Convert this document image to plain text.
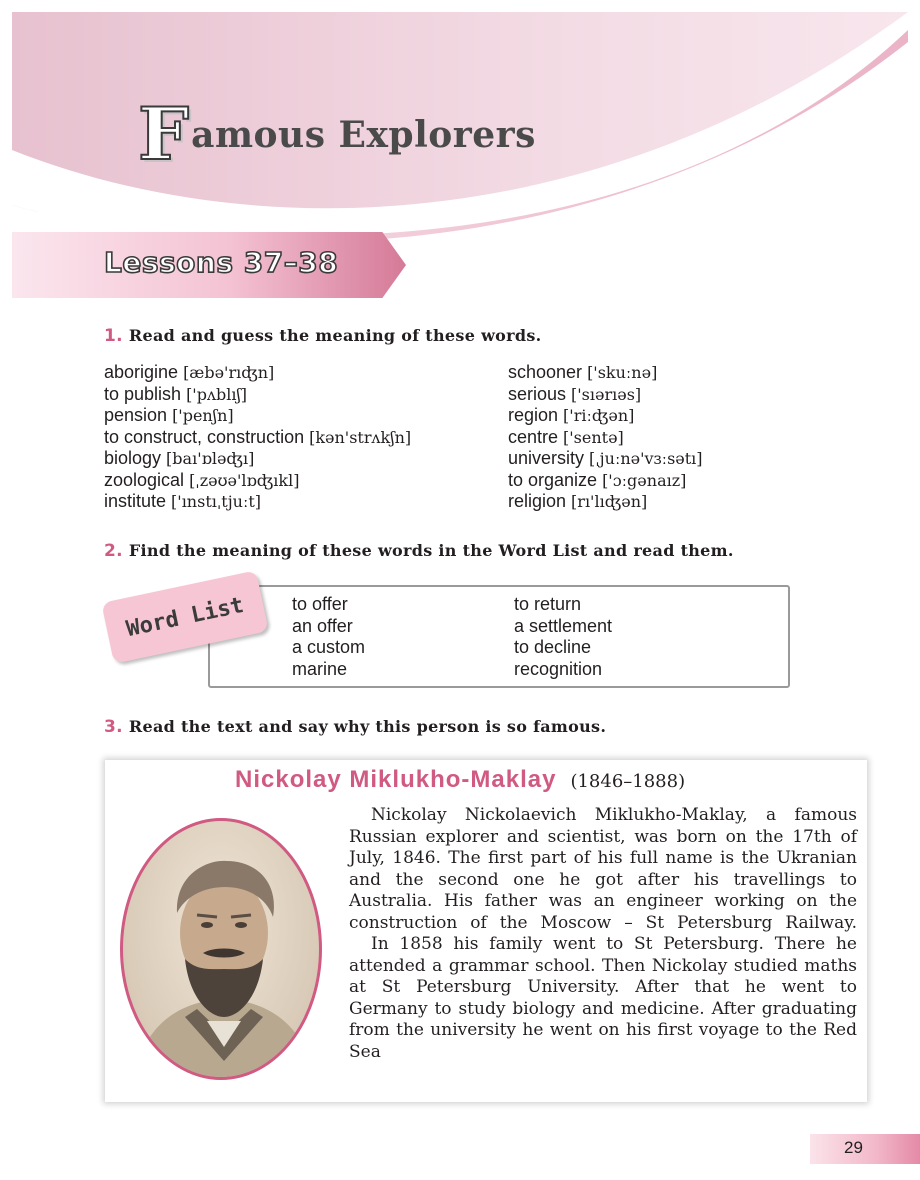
F amous Explorers
Lessons 37–38
1. Read and guess the meaning of these words.
aborigine [æbə'rıʤn]
to publish ['pʌblıʃ]
pension ['penʃn]
to construct, construction [kən'strʌkʃn]
biology [baı'ɒləʤı]
zoological [ˌzəʊə'lɒʤıkl]
institute ['ınstıˌtjuːt]
schooner ['skuːnə]
serious ['sıərıəs]
region ['riːʤən]
centre ['sentə]
university [ˌjuːnə'vɜːsətı]
to organize ['ɔːgənaız]
religion [rı'lıʤən]
2. Find the meaning of these words in the Word List and read them.
Word List	to offer
an offer
a custom
marine
to return
a settlement
to decline
recognition
3. Read the text and say why this person is so famous.
Nickolay Miklukho-Maklay (1846–1888)

Nickolay Nickolaevich Miklukho-Maklay, a famous Russian explorer and scientist, was born on the 17th of July, 1846. The first part of his full name is the Ukranian and the second one he got after his travellings to Australia. His father was an engineer working on the construction of the Moscow – St Petersburg Railway.

In 1858 his family went to St Petersburg. There he attended a grammar school. Then Nickolay studied maths at St Petersburg University. After that he went to Germany to study biology and medicine. After graduating from the university he went on his first voyage to the Red Sea

29
